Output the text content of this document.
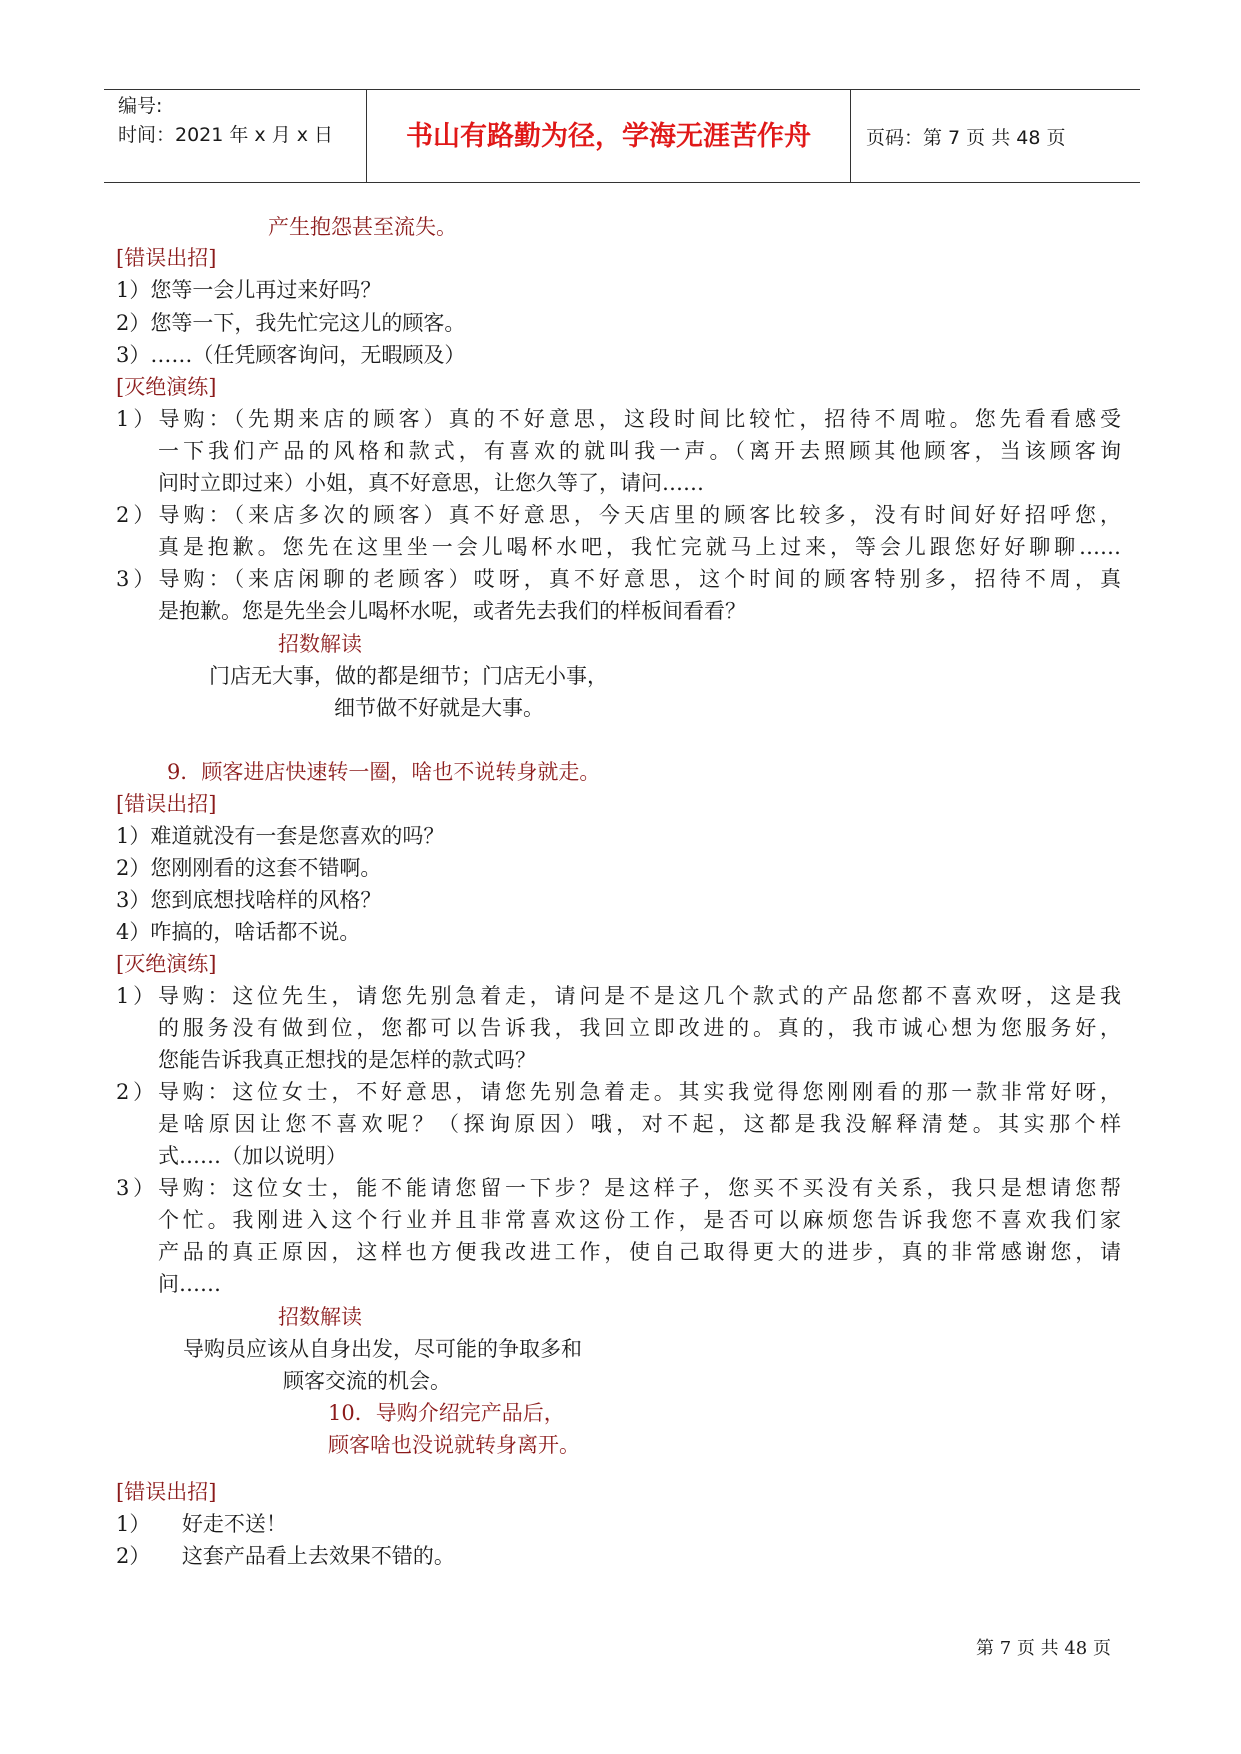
编号:
时间：2021 年 x 月 x 日	书山有路勤为径，学海无涯苦作舟	页码：第 7 页 共 48 页
产生抱怨甚至流失。
[错误出招]
1）您等一会儿再过来好吗？
2）您等一下，我先忙完这儿的顾客。
3）……（任凭顾客询问，无暇顾及）
[灭绝演练]
1）导购：（先期来店的顾客）真的不好意思，这段时间比较忙，招待不周啦。您先看看感受
一下我们产品的风格和款式，有喜欢的就叫我一声。（离开去照顾其他顾客，当该顾客询
问时立即过来）小姐，真不好意思，让您久等了，请问……
2）导购：（来店多次的顾客）真不好意思，今天店里的顾客比较多，没有时间好好招呼您，
真是抱歉。您先在这里坐一会儿喝杯水吧，我忙完就马上过来，等会儿跟您好好聊聊……
3）导购：（来店闲聊的老顾客）哎呀，真不好意思，这个时间的顾客特别多，招待不周，真
是抱歉。您是先坐会儿喝杯水呢，或者先去我们的样板间看看？
招数解读
门店无大事，做的都是细节；门店无小事，
细节做不好就是大事。
9．顾客进店快速转一圈，啥也不说转身就走。
[错误出招]
1）难道就没有一套是您喜欢的吗？
2）您刚刚看的这套不错啊。
3）您到底想找啥样的风格？
4）咋搞的，啥话都不说。
[灭绝演练]
1）导购：这位先生，请您先别急着走，请问是不是这几个款式的产品您都不喜欢呀，这是我
的服务没有做到位，您都可以告诉我，我回立即改进的。真的，我市诚心想为您服务好，
您能告诉我真正想找的是怎样的款式吗？
2）导购：这位女士，不好意思，请您先别急着走。其实我觉得您刚刚看的那一款非常好呀，
是啥原因让您不喜欢呢？（探询原因）哦，对不起，这都是我没解释清楚。其实那个样
式……（加以说明）
3）导购：这位女士，能不能请您留一下步？是这样子，您买不买没有关系，我只是想请您帮
个忙。我刚进入这个行业并且非常喜欢这份工作，是否可以麻烦您告诉我您不喜欢我们家
产品的真正原因，这样也方便我改进工作，使自己取得更大的进步，真的非常感谢您，请
问……
招数解读
导购员应该从自身出发，尽可能的争取多和
顾客交流的机会。
10．导购介绍完产品后，
顾客啥也没说就转身离开。
[错误出招]
1）　　好走不送！
2）　　这套产品看上去效果不错的。
第 7 页 共 48 页
